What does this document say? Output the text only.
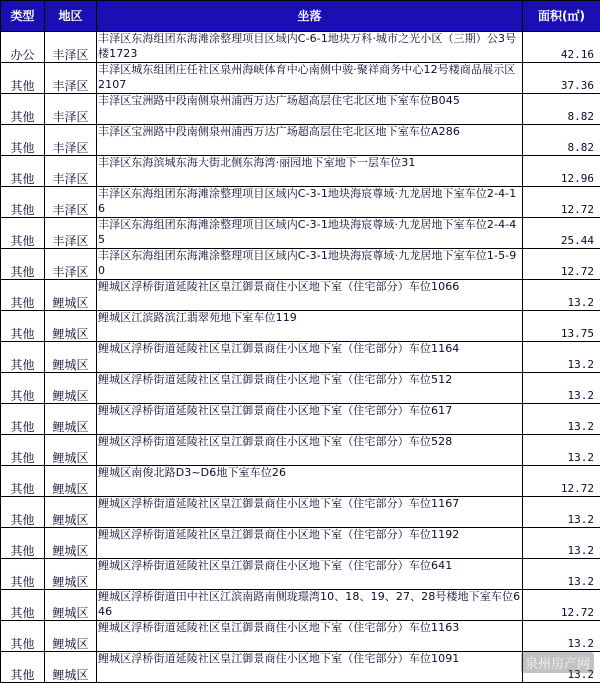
类型	地区	坐落	面积(㎡)
办公	丰泽区	丰泽区东海组团东海滩涂整理项目区域内C-6-1地块万科·城市之光小区（三期）公3号楼1723	42.16
其他	丰泽区	丰泽区城东组团庄任社区泉州海峡体育中心南侧中骏·聚祥商务中心12号楼商品展示区2107	37.36
其他	丰泽区	丰泽区宝洲路中段南侧泉州浦西万达广场超高层住宅北区地下室车位B045	8.82
其他	丰泽区	丰泽区宝洲路中段南侧泉州浦西万达广场超高层住宅北区地下室车位A286	8.82
其他	丰泽区	丰泽区东海滨城东海大街北侧东海湾·丽园地下室地下一层车位31	12.96
其他	丰泽区	丰泽区东海组团东海滩涂整理项目区域内C-3-1地块海宸尊域·九龙居地下室车位2-4-16	12.72
其他	丰泽区	丰泽区东海组团东海滩涂整理项目区域内C-3-1地块海宸尊域·九龙居地下室车位2-4-45	25.44
其他	丰泽区	丰泽区东海组团东海滩涂整理项目区域内C-3-1地块海宸尊域·九龙居地下室车位1-5-90	12.72
其他	鲤城区	鲤城区浮桥街道延陵社区皇江御景商住小区地下室（住宅部分）车位1066	13.2
其他	鲤城区	鲤城区江滨路滨江翡翠苑地下室车位119	13.75
其他	鲤城区	鲤城区浮桥街道延陵社区皇江御景商住小区地下室（住宅部分）车位1164	13.2
其他	鲤城区	鲤城区浮桥街道延陵社区皇江御景商住小区地下室（住宅部分）车位512	13.2
其他	鲤城区	鲤城区浮桥街道延陵社区皇江御景商住小区地下室（住宅部分）车位617	13.2
其他	鲤城区	鲤城区浮桥街道延陵社区皇江御景商住小区地下室（住宅部分）车位528	13.2
其他	鲤城区	鲤城区南俊北路D3~D6地下室车位26	12.72
其他	鲤城区	鲤城区浮桥街道延陵社区皇江御景商住小区地下室（住宅部分）车位1167	13.2
其他	鲤城区	鲤城区浮桥街道延陵社区皇江御景商住小区地下室（住宅部分）车位1192	13.2
其他	鲤城区	鲤城区浮桥街道延陵社区皇江御景商住小区地下室（住宅部分）车位641	13.2
其他	鲤城区	鲤城区浮桥街道田中社区江滨南路南侧珑璟湾10、18、19、27、28号楼地下室车位646	12.72
其他	鲤城区	鲤城区浮桥街道延陵社区皇江御景商住小区地下室（住宅部分）车位1163	13.2
其他	鲤城区	鲤城区浮桥街道延陵社区皇江御景商住小区地下室（住宅部分）车位1091	13.2
泉州房产网
